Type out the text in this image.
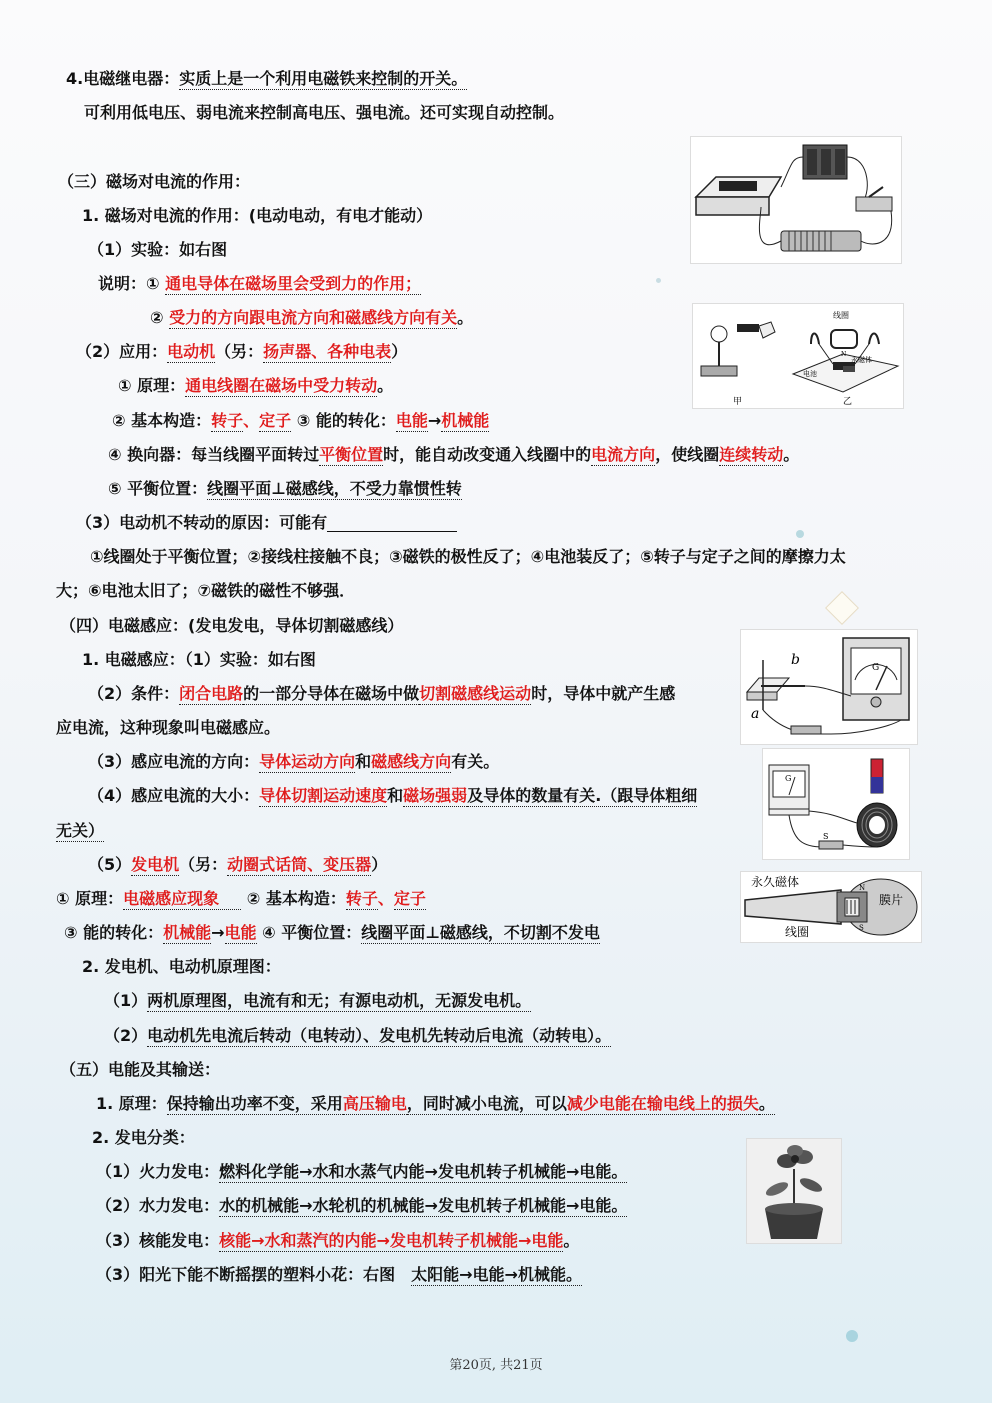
4.电磁继电器：实质上是一个利用电磁铁来控制的开关。
可利用低电压、弱电流来控制高电压、强电流。还可实现自动控制。
（三）磁场对电流的作用：
1. 磁场对电流的作用：(电动电动，有电才能动）
（1）实验：如右图
说明：① 通电导体在磁场里会受到力的作用；
② 受力的方向跟电流方向和磁感线方向有关。
（2）应用：电动机（另：扬声器、各种电表）
① 原理：通电线圈在磁场中受力转动。
② 基本构造：转子、定子 ③ 能的转化：电能→机械能
④ 换向器：每当线圈平面转过平衡位置时，能自动改变通入线圈中的电流方向，使线圈连续转动。
⑤ 平衡位置：线圈平面⊥磁感线，不受力靠惯性转
（3）电动机不转动的原因：可能有
①线圈处于平衡位置；②接线柱接触不良；③磁铁的极性反了；④电池装反了；⑤转子与定子之间的摩擦力太
大；⑥电池太旧了；⑦磁铁的磁性不够强．
（四）电磁感应：(发电发电，导体切割磁感线）
1. 电磁感应：（1）实验：如右图
（2）条件：闭合电路的一部分导体在磁场中做切割磁感线运动时，导体中就产生感
应电流，这种现象叫电磁感应。
（3）感应电流的方向：导体运动方向和磁感线方向有关。
（4）感应电流的大小：导体切割运动速度和磁场强弱及导体的数量有关.（跟导体粗细
无关）
（5）发电机（另：动圈式话筒、变压器）
① 原理：电磁感应现象 ② 基本构造：转子、定子
③ 能的转化：机械能→电能 ④ 平衡位置：线圈平面⊥磁感线，不切割不发电
2. 发电机、电动机原理图：
（1）两机原理图，电流有和无；有源电动机，无源发电机。
（2）电动机先电流后转动（电转动）、发电机先转动后电流（动转电）。
（五）电能及其输送：
1. 原理：保持输出功率不变，采用高压输电，同时减小电流，可以减少电能在输电线上的损失。
2. 发电分类：
（1）火力发电：燃料化学能→水和水蒸气内能→发电机转子机械能→电能。
（2）水力发电：水的机械能→水轮机的机械能→发电机转子机械能→电能。
（3）核能发电：核能→水和蒸汽的内能→发电机转子机械能→电能。
（3）阳光下能不断摇摆的塑料小花：右图　太阳能→电能→机械能。
线圈
永磁体
N
电池
甲	乙
b
a
G
G
S
永久磁体
膜片
线圈
N
S
第20页, 共21页
